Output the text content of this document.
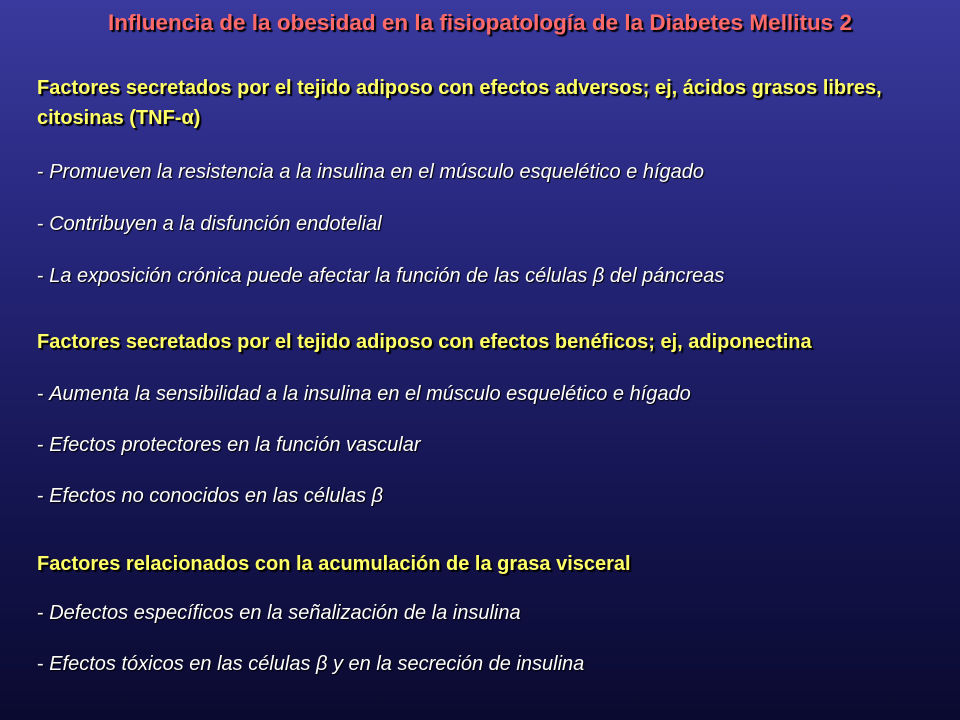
Influencia de la obesidad en la fisiopatología de la Diabetes Mellitus 2
Factores secretados por el tejido adiposo con efectos adversos; ej, ácidos grasos libres, citosinas (TNF-α)
- Promueven la resistencia a la insulina en el músculo esquelético e hígado
- Contribuyen a la disfunción endotelial
- La exposición crónica puede afectar la función de las células β del páncreas
Factores secretados por el tejido adiposo con efectos benéficos; ej, adiponectina
- Aumenta la sensibilidad a la insulina en el músculo esquelético e hígado
- Efectos protectores en la función vascular
- Efectos no conocidos en las células β
Factores relacionados con la acumulación de la grasa visceral
- Defectos específicos en la señalización de la insulina
- Efectos tóxicos en las células β y en la secreción de insulina
